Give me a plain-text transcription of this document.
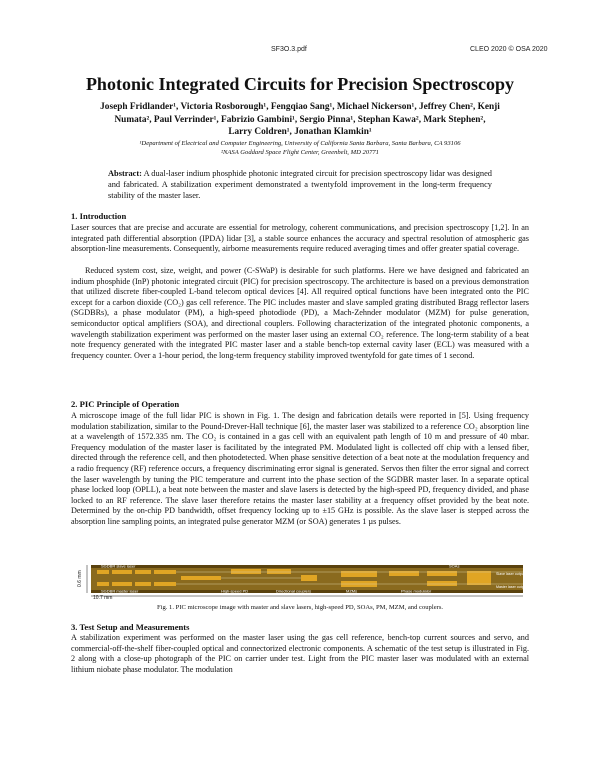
SF3O.3.pdf	CLEO 2020 © OSA 2020
Photonic Integrated Circuits for Precision Spectroscopy
Joseph Fridlander¹, Victoria Rosborough¹, Fengqiao Sang¹, Michael Nickerson¹, Jeffrey Chen², Kenji
Numata², Paul Verrinder¹, Fabrizio Gambini¹, Sergio Pinna¹, Stephan Kawa², Mark Stephen²,
Larry Coldren¹, Jonathan Klamkin¹
¹Department of Electrical and Computer Engineering, University of California Santa Barbara, Santa Barbara, CA 93106
²NASA Goddard Space Flight Center, Greenbelt, MD 20771
Abstract: A dual-laser indium phosphide photonic integrated circuit for precision spectroscopy lidar was designed and fabricated. A stabilization experiment demonstrated a twentyfold improvement in the long-term frequency stability of the master laser.
1. Introduction

Laser sources that are precise and accurate are essential for metrology, coherent communications, and precision spectroscopy [1,2]. In an integrated path differential absorption (IPDA) lidar [3], a stable source enhances the accuracy and spectral resolution of atmospheric gas absorption-line measurements. Consequently, airborne measurements require reduced averaging times and offer greater spatial coverage.

Reduced system cost, size, weight, and power (C-SWaP) is desirable for such platforms. Here we have designed and fabricated an indium phosphide (InP) photonic integrated circuit (PIC) for precision spectroscopy. The architecture is based on a previous demonstration that utilized discrete fiber-coupled L-band telecom optical devices [4]. All required optical functions have been integrated onto the PIC except for a carbon dioxide (CO₂) gas cell reference. The PIC includes master and slave sampled grating distributed Bragg reflector lasers (SGDBRs), a phase modulator (PM), a high-speed photodiode (PD), a Mach-Zehnder modulator (MZM) for pulse generation, semiconductor optical amplifiers (SOA), and directional couplers. Following characterization of the integrated photonic components, a wavelength stabilization experiment was performed on the master laser using an external CO₂ reference. The long-term stability of a beat note frequency generated with the integrated PIC master laser and a stable bench-top external cavity laser (ECL) was measured with a frequency counter. Over a 1-hour period, the long-term frequency stability improved twentyfold for gate times of 1 second.

2. PIC Principle of Operation

A microscope image of the full lidar PIC is shown in Fig. 1. The design and fabrication details were reported in [5]. Using frequency modulation stabilization, similar to the Pound-Drever-Hall technique [6], the master laser was stabilized to a reference CO₂ absorption line at a wavelength of 1572.335 nm. The CO₂ is contained in a gas cell with an equivalent path length of 10 m and pressure of 40 mbar. Frequency modulation of the master laser is facilitated by the integrated PM. Modulated light is collected off chip with a lensed fiber, directed through the reference cell, and then photodetected. When phase sensitive detection of a beat note at the modulation frequency and a radio frequency (RF) reference occurs, a frequency discriminating error signal is generated. Servos then filter the error signal and correct the laser wavelength by tuning the PIC temperature and current into the phase section of the SGDBR master laser. In a separate optical phase locked loop (OPLL), a beat note between the master and slave lasers is detected by the high-speed PD, frequency divided, and phase locked to an RF reference. The slave laser therefore retains the master laser stability at a frequency offset provided by the beat note. Determined by the on-chip PD bandwidth, offset frequency locking up to ±15 GHz is possible. As the slave laser is stepped across the absorption line sampling points, an integrated pulse generator MZM (or SOA) generates 1 µs pulses.

SGDBR slave laser
SGDBR master laser
SOAs
MZMs
High-speed PD	Directional couplers	Phase modulator
Slave laser output
Master laser output
0.6 mm
10.7 mm
Fig. 1. PIC microscope image with master and slave lasers, high-speed PD, SOAs, PM, MZM, and couplers.
3. Test Setup and Measurements

A stabilization experiment was performed on the master laser using the gas cell reference, bench-top current sources and servo, and commercial-off-the-shelf fiber-coupled optical and connectorized electronic components. A schematic of the test setup is illustrated in Fig. 2 along with a close-up photograph of the PIC on carrier under test. Light from the PIC master laser was modulated with an external lithium niobate phase modulator. The modulation
